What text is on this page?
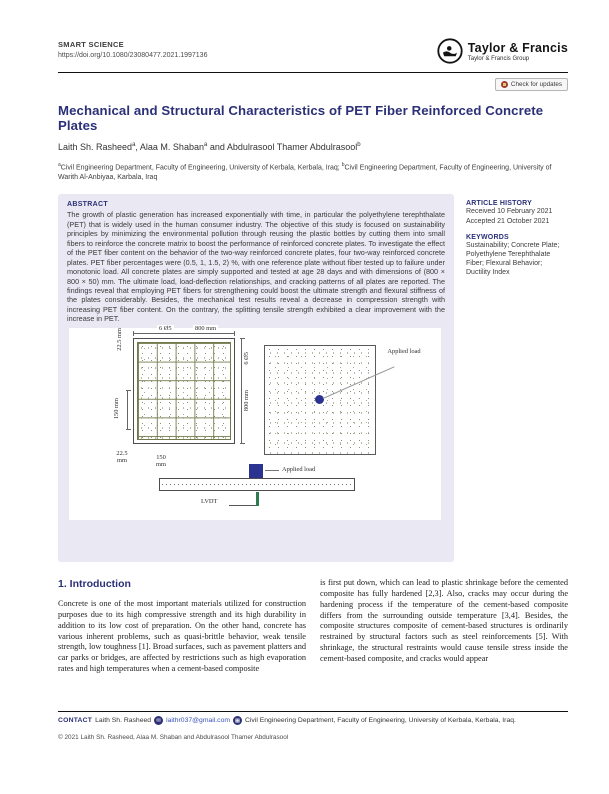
SMART SCIENCE
https://doi.org/10.1080/23080477.2021.1997136
Taylor & Francis
Taylor & Francis Group
Check for updates
Mechanical and Structural Characteristics of PET Fiber Reinforced Concrete Plates
Laith Sh. Rasheed$^a$, Alaa M. Shaban$^a$ and Abdulrasool Thamer Abdulrasool$^b$
$^a$Civil Engineering Department, Faculty of Engineering, University of Kerbala, Kerbala, Iraq; $^b$Civil Engineering Department, Faculty of Engineering, University of Warith Al-Anbiyaa, Karbala, Iraq
ABSTRACT
The growth of plastic generation has increased exponentially with time, in particular the polyethylene terephthalate (PET) that is widely used in the human consumer industry. The objective of this study is focused on sustainability principles by minimizing the environmental pollution through reusing the plastic bottles by cutting them into small fibers to reinforce the concrete matrix to boost the performance of reinforced concrete plates. To investigate the effect of the PET fiber content on the behavior of the two-way reinforced concrete plates, four two-way reinforced concrete plates. PET fiber percentages were (0.5, 1, 1.5, 2) %, with one reference plate without fiber tested up to failure under monotonic load. All concrete plates are simply supported and tested at age 28 days and with dimensions of (800 × 800 × 50) mm. The ultimate load, load-deflection relationships, and cracking patterns of all plates are reported. The findings reveal that employing PET fibers for strengthening could boost the ultimate strength and flexural stiffness of the plates considerably. Besides, the mechanical test results reveal a decrease in compression strength with increasing PET fiber content. On the contrary, the splitting tensile strength exhibited a clear improvement with the increase in PET.
6 Ø5	800 mm
22.5 mm
150 mm
6 Ø5
800 mm
22.5
mm	150
mm
Applied load
Applied load
LVDT
ARTICLE HISTORY
Received 10 February 2021
Accepted 21 October 2021
KEYWORDS
Sustainability; Concrete Plate; Polyethylene Terephthalate Fiber; Flexural Behavior; Ductility Index
1. Introduction
Concrete is one of the most important materials utilized for construction purposes due to its high compressive strength and its high durability in addition to its low cost of preparation. On the other hand, concrete has various inherent problems, such as quasi-brittle behavior, weak tensile strength, low toughness [1]. Broad surfaces, such as pavement platters and car parks or bridges, are affected by restrictions such as high evaporation rates and high temperatures when a cement-based composite
is first put down, which can lead to plastic shrinkage before the cemented composite has fully hardened [2,3]. Also, cracks may occur during the hardening process if the temperature of the cement-based composite differs from the surrounding outside temperature [3,4]. Besides, the composite structures composite of cement-based structures is ordinarily restrained by structural factors such as steel reinforcements [5]. With shrinkage, the structural restraints would cause tensile stress inside the cement-based composite, and cracks would appear
CONTACT Laith Sh. Rasheed ✉ laithr037@gmail.com ▦ Civil Engineering Department, Faculty of Engineering, University of Kerbala, Kerbala, Iraq.
© 2021 Laith Sh. Rasheed, Alaa M. Shaban and Abdulrasool Thamer Abdulrasool
